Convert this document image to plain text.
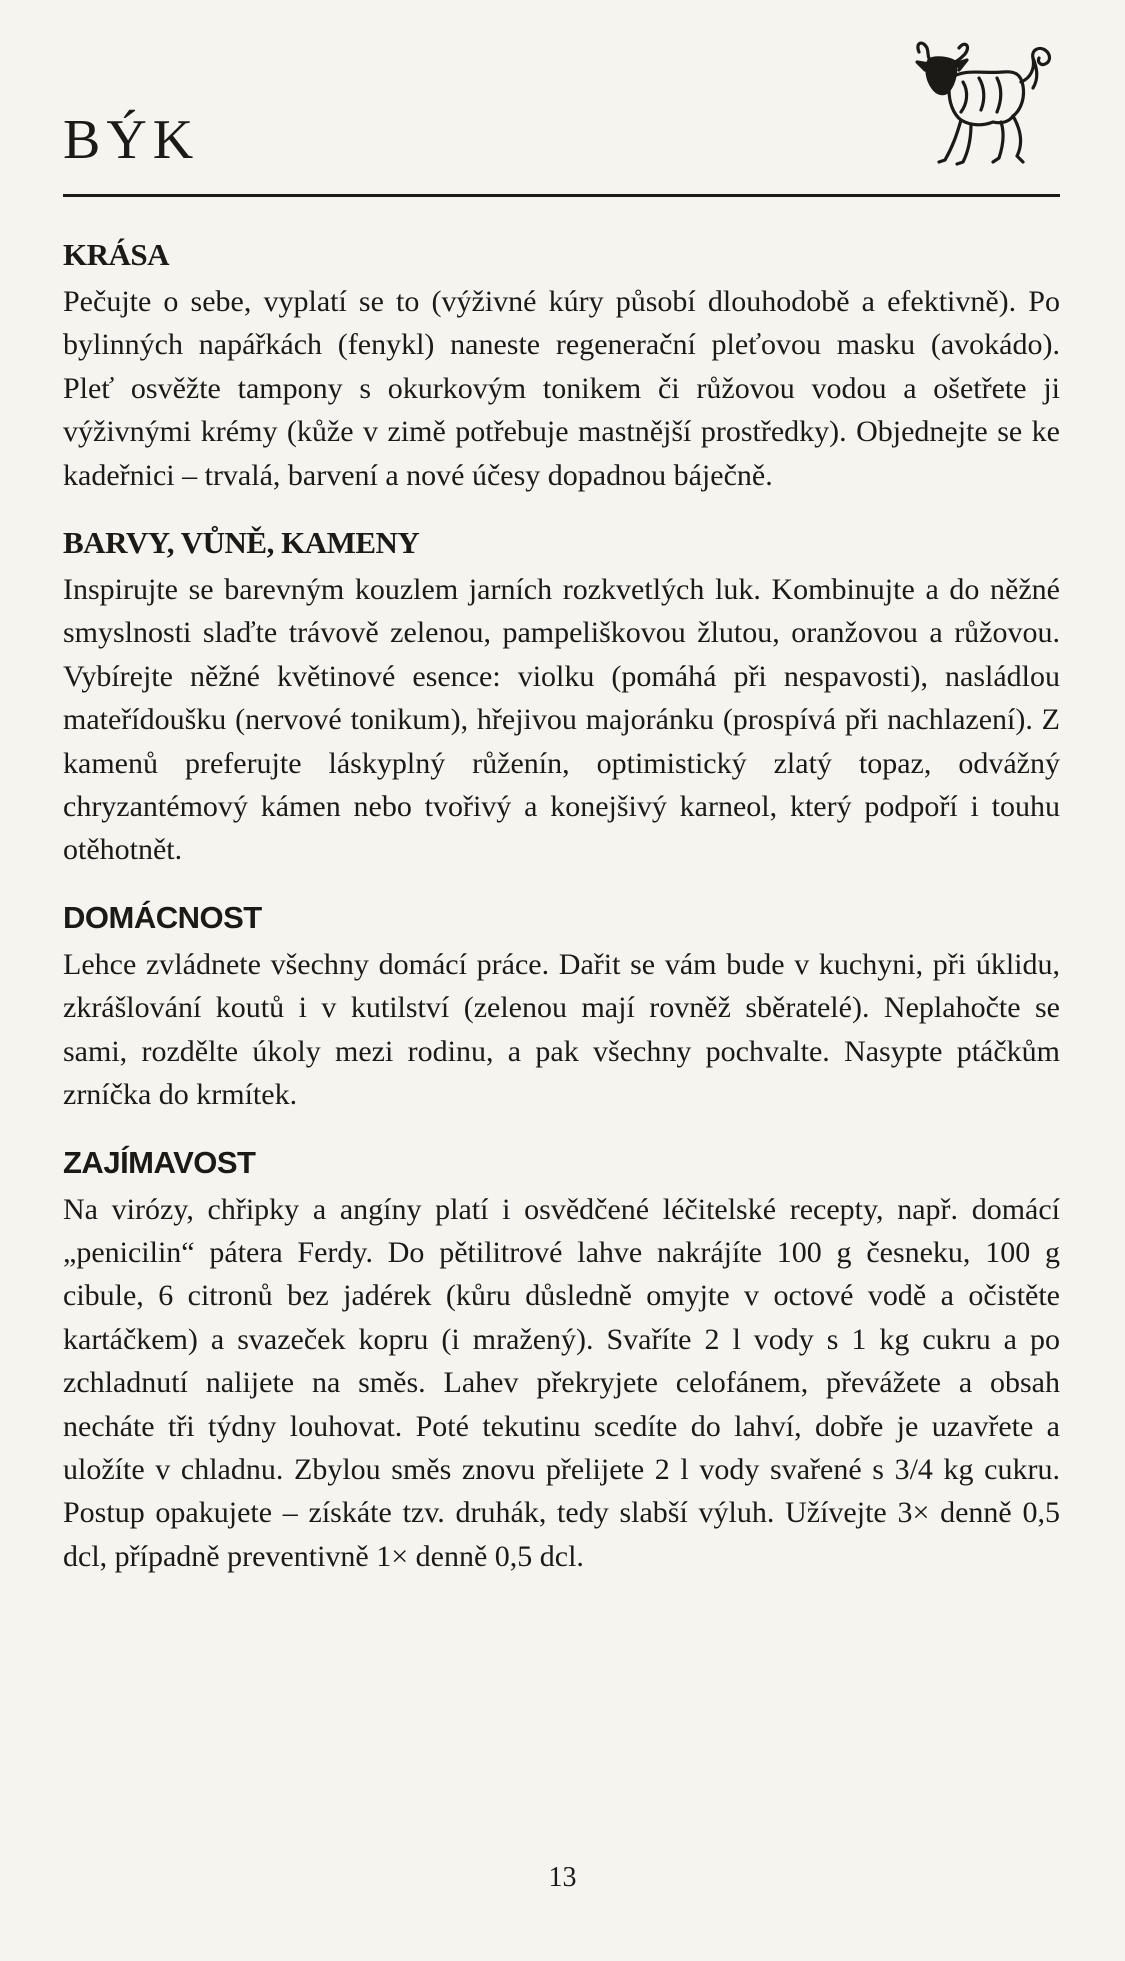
BÝK
KRÁSA

Pečujte o sebe, vyplatí se to (výživné kúry působí dlouhodobě a efektivně). Po bylinných napářkách (fenykl) naneste regenerační pleťovou masku (avokádo). Pleť osvěžte tampony s okurkovým tonikem či růžovou vodou a ošetřete ji výživnými krémy (kůže v zimě potřebuje mastnější prostředky). Objednejte se ke kadeřnici – trvalá, barvení a nové účesy dopadnou báječně.

BARVY, VŮNĚ, KAMENY

Inspirujte se barevným kouzlem jarních rozkvetlých luk. Kombinujte a do něžné smyslnosti slaďte trávově zelenou, pampeliškovou žlutou, oranžovou a růžovou. Vybírejte něžné květinové esence: violku (pomáhá při nespavosti), nasládlou mateřídoušku (nervové tonikum), hřejivou majoránku (prospívá při nachlazení). Z kamenů preferujte láskyplný růženín, optimistický zlatý topaz, odvážný chryzantémový kámen nebo tvořivý a konejšivý karneol, který podpoří i touhu otěhotnět.

DOMÁCNOST

Lehce zvládnete všechny domácí práce. Dařit se vám bude v kuchyni, při úklidu, zkrášlování koutů i v kutilství (zelenou mají rovněž sběratelé). Neplahočte se sami, rozdělte úkoly mezi rodinu, a pak všechny pochvalte. Nasypte ptáčkům zrníčka do krmítek.

ZAJÍMAVOST

Na virózy, chřipky a angíny platí i osvědčené léčitelské recepty, např. domácí „penicilin“ pátera Ferdy. Do pětilitrové lahve nakrájíte 100 g česneku, 100 g cibule, 6 citronů bez jadérek (kůru důsledně omyjte v octové vodě a očistěte kartáčkem) a svazeček kopru (i mražený). Svaříte 2 l vody s 1 kg cukru a po zchladnutí nalijete na směs. Lahev překryjete celofánem, převážete a obsah necháte tři týdny louhovat. Poté tekutinu scedíte do lahví, dobře je uzavřete a uložíte v chladnu. Zbylou směs znovu přelijete 2 l vody svařené s 3/4 kg cukru. Postup opakujete – získáte tzv. druhák, tedy slabší výluh. Užívejte 3× denně 0,5 dcl, případně preventivně 1× denně 0,5 dcl.

13
